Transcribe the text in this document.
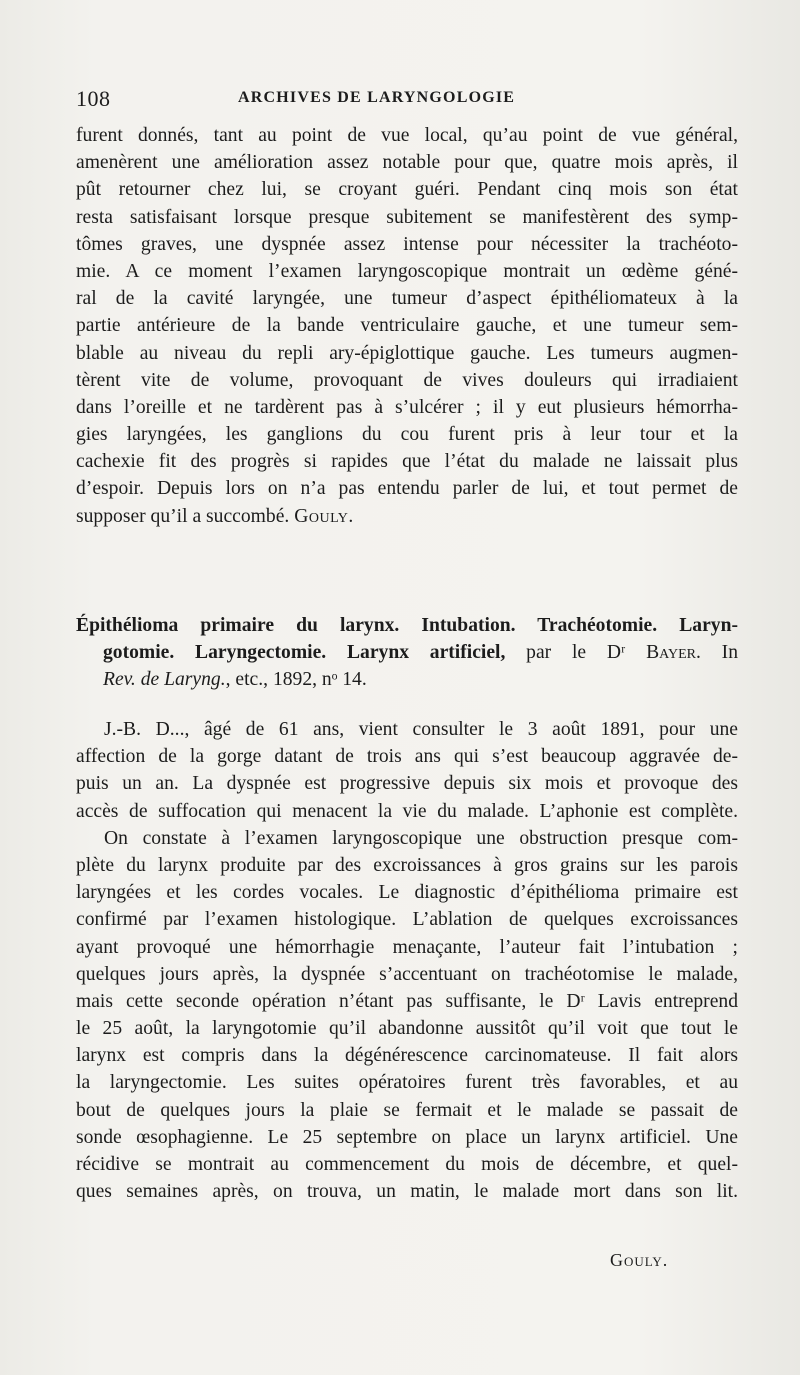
108	ARCHIVES DE LARYNGOLOGIE
furent donnés, tant au point de vue local, qu’au point de vue général,
amenèrent une amélioration assez notable pour que, quatre mois après, il
pût retourner chez lui, se croyant guéri. Pendant cinq mois son état
resta satisfaisant lorsque presque subitement se manifestèrent des symp-
tômes graves, une dyspnée assez intense pour nécessiter la trachéoto-
mie. A ce moment l’examen laryngoscopique montrait un œdème géné-
ral de la cavité laryngée, une tumeur d’aspect épithéliomateux à la
partie antérieure de la bande ventriculaire gauche, et une tumeur sem-
blable au niveau du repli ary-épiglottique gauche. Les tumeurs augmen-
tèrent vite de volume, provoquant de vives douleurs qui irradiaient
dans l’oreille et ne tardèrent pas à s’ulcérer ; il y eut plusieurs hémorrha-
gies laryngées, les ganglions du cou furent pris à leur tour et la
cachexie fit des progrès si rapides que l’état du malade ne laissait plus
d’espoir. Depuis lors on n’a pas entendu parler de lui, et tout permet de
supposer qu’il a succombé. Gouly.
Épithélioma primaire du larynx. Intubation. Trachéotomie. Laryn-
gotomie. Laryngectomie. Larynx artificiel, par le Dʳ Bayer. In
Rev. de Laryng., etc., 1892, nᵒ 14.
J.-B. D..., âgé de 61 ans, vient consulter le 3 août 1891, pour une
affection de la gorge datant de trois ans qui s’est beaucoup aggravée de-
puis un an. La dyspnée est progressive depuis six mois et provoque des
accès de suffocation qui menacent la vie du malade. L’aphonie est complète.
On constate à l’examen laryngoscopique une obstruction presque com-
plète du larynx produite par des excroissances à gros grains sur les parois
laryngées et les cordes vocales. Le diagnostic d’épithélioma primaire est
confirmé par l’examen histologique. L’ablation de quelques excroissances
ayant provoqué une hémorrhagie menaçante, l’auteur fait l’intubation ;
quelques jours après, la dyspnée s’accentuant on trachéotomise le malade,
mais cette seconde opération n’étant pas suffisante, le Dʳ Lavis entreprend
le 25 août, la laryngotomie qu’il abandonne aussitôt qu’il voit que tout le
larynx est compris dans la dégénérescence carcinomateuse. Il fait alors
la laryngectomie. Les suites opératoires furent très favorables, et au
bout de quelques jours la plaie se fermait et le malade se passait de
sonde œsophagienne. Le 25 septembre on place un larynx artificiel. Une
récidive se montrait au commencement du mois de décembre, et quel-
ques semaines après, on trouva, un matin, le malade mort dans son lit.
Gouly.
